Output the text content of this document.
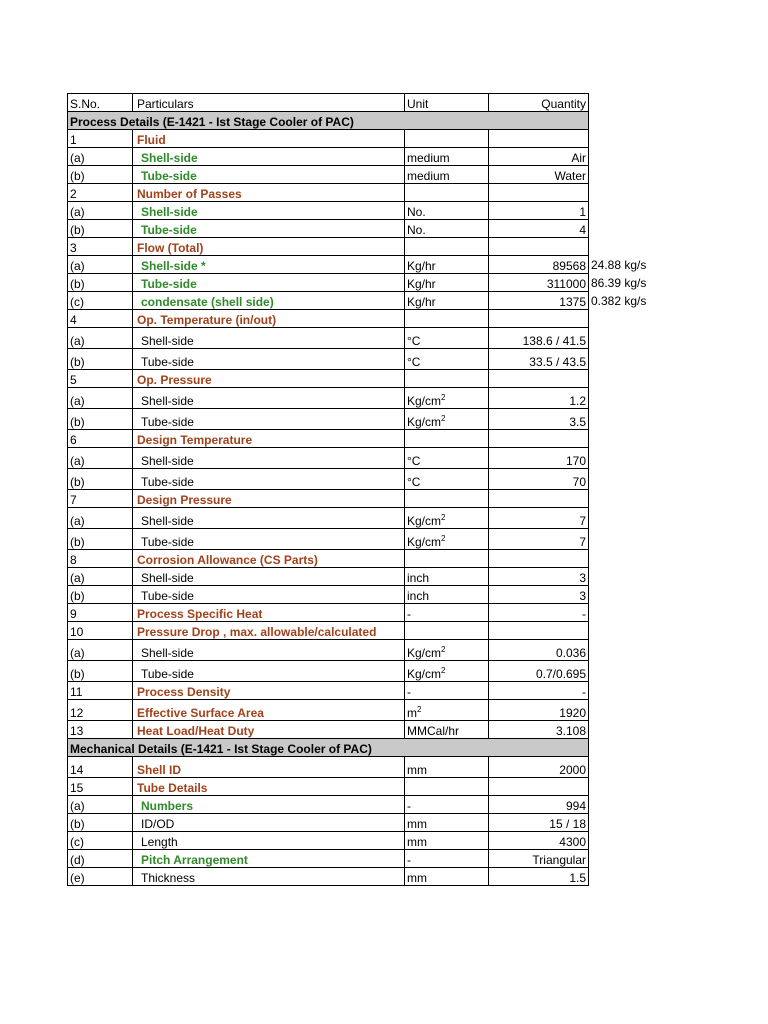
S.No.	Particulars	Unit	Quantity
Process Details (E-1421 - Ist Stage Cooler of PAC)			
1	Fluid		
(a)	Shell-side	medium	Air
(b)	Tube-side	medium	Water
2	Number of Passes		
(a)	Shell-side	No.	1
(b)	Tube-side	No.	4
3	Flow (Total)		
(a)	Shell-side *	Kg/hr	89568 24.88 kg/s

(b)	Tube-side	Kg/hr	311000 86.39 kg/s

(c)	condensate (shell side)	Kg/hr	1375 0.382 kg/s

4	Op. Temperature (in/out)		
(a)	Shell-side	°C	138.6 / 41.5
(b)	Tube-side	°C	33.5 / 43.5
5	Op. Pressure		
(a)	Shell-side	$Kg/cm^2$	1.2
(b)	Tube-side	$Kg/cm^2$	3.5
6	Design Temperature		
(a)	Shell-side	°C	170
(b)	Tube-side	°C	70
7	Design Pressure		
(a)	Shell-side	$Kg/cm^2$	7
(b)	Tube-side	$Kg/cm^2$	7
8	Corrosion Allowance (CS Parts)		
(a)	Shell-side	inch	3
(b)	Tube-side	inch	3
9	Process Specific Heat	-	-
10	Pressure Drop , max. allowable/calculated		
(a)	Shell-side	$Kg/cm^2$	0.036
(b)	Tube-side	$Kg/cm^2$	0.7/0.695
11	Process Density	-	-
12	Effective Surface Area	$m^2$	1920
13	Heat Load/Heat Duty	MMCal/hr	3.108
Mechanical Details (E-1421 - Ist Stage Cooler of PAC)			
14	Shell ID	mm	2000
15	Tube Details		
(a)	Numbers	-	994
(b)	ID/OD	mm	15 / 18
(c)	Length	mm	4300
(d)	Pitch Arrangement	-	Triangular
(e)	Thickness	mm	1.5
